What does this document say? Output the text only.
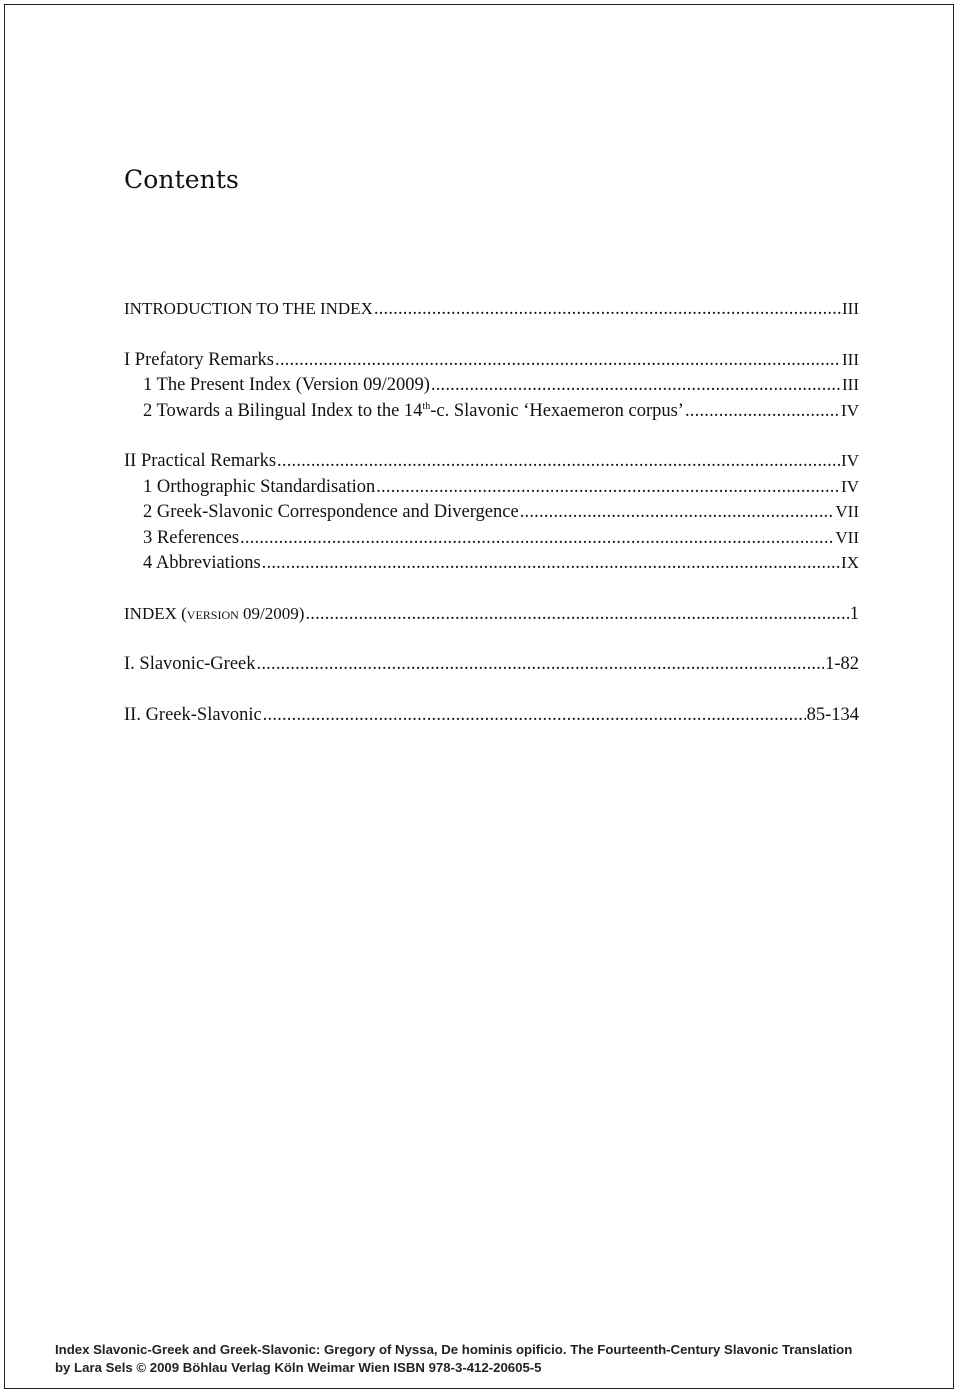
Contents
INTRODUCTION TO THE INDEX .....	III
I Prefatory Remarks .....	III
1 The Present Index (Version 09/2009) .....	III
2 Towards a Bilingual Index to the 14th-c. Slavonic ‘Hexaemeron corpus’ .....	IV
II Practical Remarks .....	IV
1 Orthographic Standardisation .....	IV
2 Greek-Slavonic Correspondence and Divergence .....	VII
3 References .....	VII
4 Abbreviations .....	IX
INDEX (version 09/2009) .....	1
I. Slavonic-Greek .....	1-82
II. Greek-Slavonic .....	85-134
Index Slavonic-Greek and Greek-Slavonic: Gregory of Nyssa, De hominis opificio. The Fourteenth-Century Slavonic Translation
by Lara Sels © 2009 Böhlau Verlag Köln Weimar Wien ISBN 978-3-412-20605-5
